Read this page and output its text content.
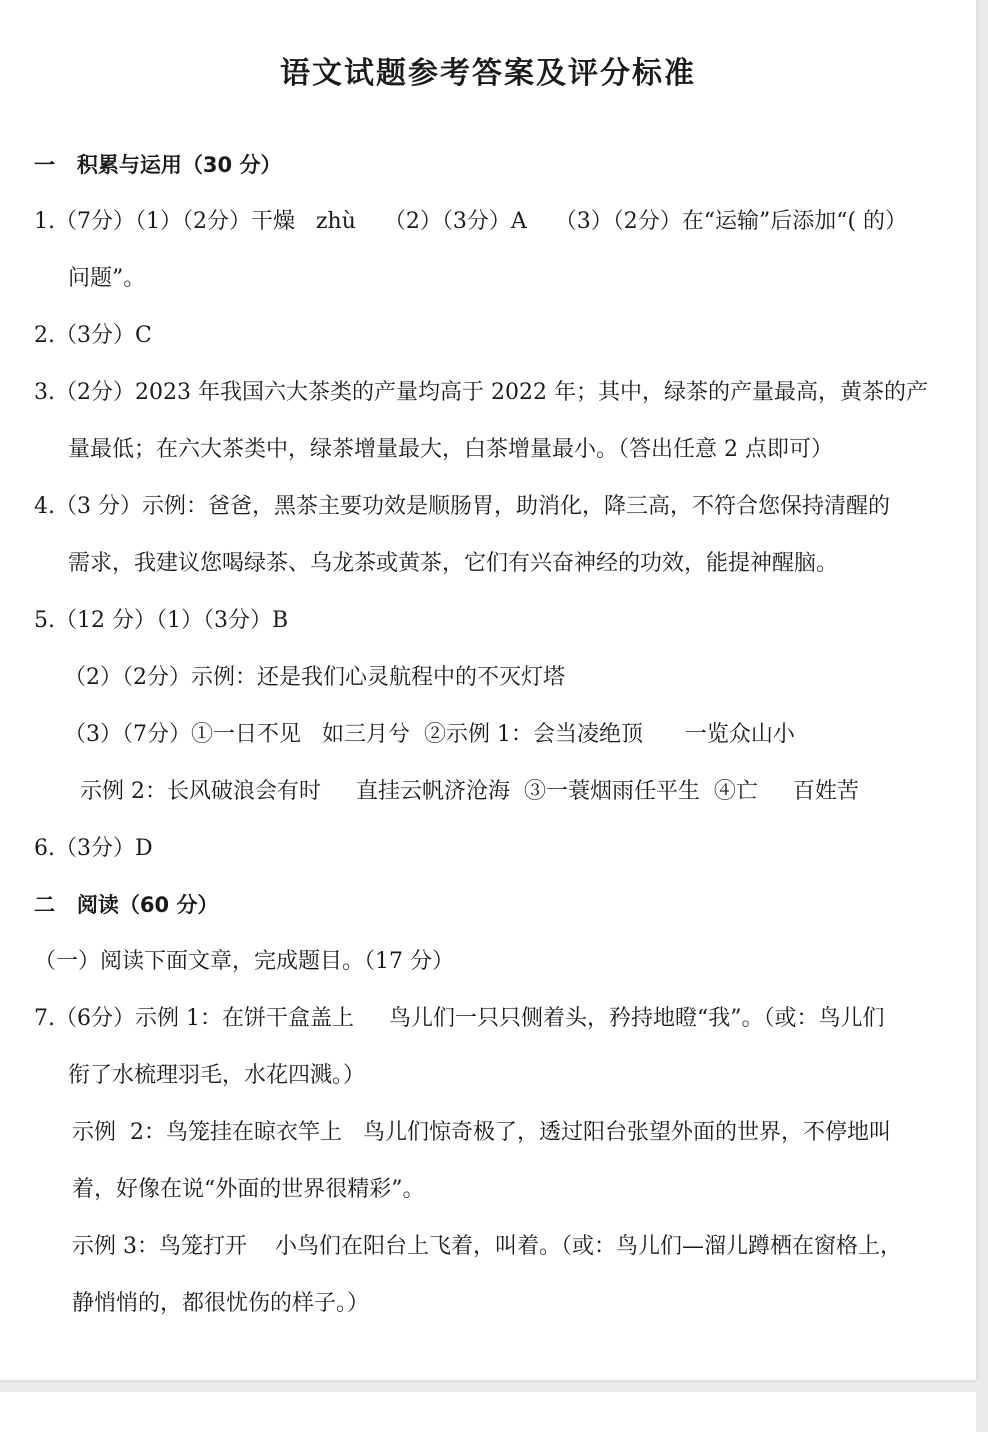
语文试题参考答案及评分标准
一   积累与运用（30 分）
1.（7分）（1）（2分）干燥   zhù    （2）（3分）A    （3）（2分）在“运输”后添加“( 的）
问题”。
2.（3分）C
3.（2分）2023 年我国六大茶类的产量均高于 2022 年；其中，绿茶的产量最高，黄茶的产
量最低；在六大茶类中，绿茶增量最大，白茶增量最小。（答出任意 2 点即可）
4.（3 分）示例：爸爸，黑茶主要功效是顺肠胃，助消化，降三高，不符合您保持清醒的
需求，我建议您喝绿茶、乌龙茶或黄茶，它们有兴奋神经的功效，能提神醒脑。
5.（12 分）（1）（3分）B
（2）（2分）示例：还是我们心灵航程中的不灭灯塔
（3）（7分）①一日不见   如三月兮  ②示例 1：会当凌绝顶      一览众山小
示例 2：长风破浪会有时     直挂云帆济沧海  ③一蓑烟雨任平生  ④亡     百姓苦
6.（3分）D
二   阅读（60 分）
（一）阅读下面文章，完成题目。（17 分）
7.（6分）示例 1：在饼干盒盖上     鸟儿们一只只侧着头，矜持地瞪“我”。（或：鸟儿们
衔了水梳理羽毛，水花四溅。）
示例  2：鸟笼挂在晾衣竿上   鸟儿们惊奇极了，透过阳台张望外面的世界，不停地叫
着，好像在说“外面的世界很精彩”。
示例 3：鸟笼打开    小鸟们在阳台上飞着，叫着。（或：鸟儿们—溜儿蹲栖在窗格上，
静悄悄的，都很忧伤的样子。）
